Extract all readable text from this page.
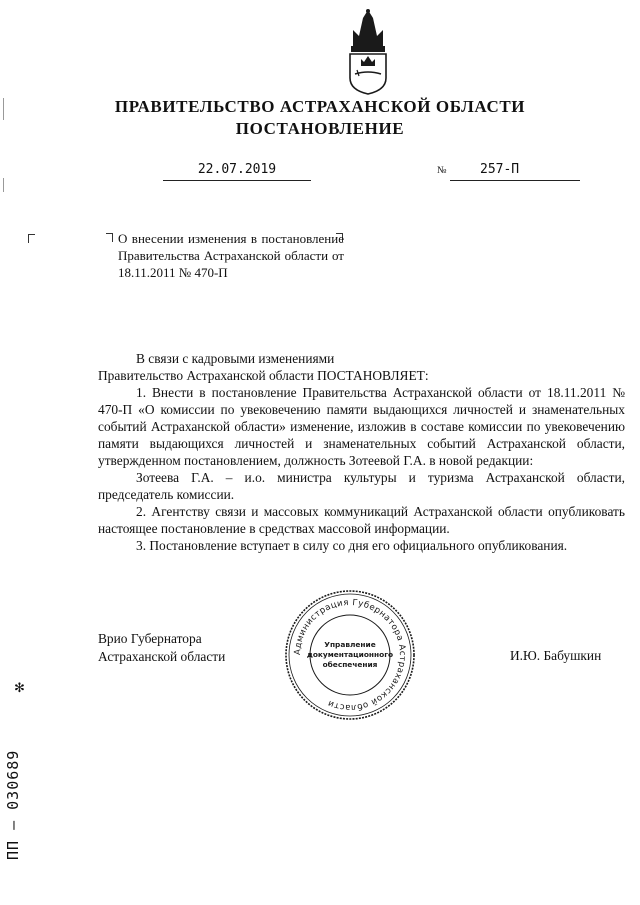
ПРАВИТЕЛЬСТВО АСТРАХАНСКОЙ ОБЛАСТИ
ПОСТАНОВЛЕНИЕ
22.07.2019	№	257-П
О внесении изменения в постановление Правительства Астраханской области от 18.11.2011 № 470-П

В связи с кадровыми изменениями

Правительство Астраханской области ПОСТАНОВЛЯЕТ:

1. Внести в постановление Правительства Астраханской области от 18.11.2011 № 470-П «О комиссии по увековечению памяти выдающихся личностей и знаменательных событий Астраханской области» изменение, изложив в составе комиссии по увековечению памяти выдающихся личностей и знаменательных событий Астраханской области, утвержденном постановлением, должность Зотеевой Г.А. в новой редакции:

Зотеева Г.А. – и.о. министра культуры и туризма Астраханской области, председатель комиссии.

2. Агентству связи и массовых коммуникаций Астраханской области опубликовать настоящее постановление в средствах массовой информации.

3. Постановление вступает в силу со дня его официального опубликования.

Врио Губернатора
Астраханской области	И.Ю. Бабушкин
Администрация Губернатора Астраханской области
Управление
документационного
обеспечения
✻
ПП – 030689
